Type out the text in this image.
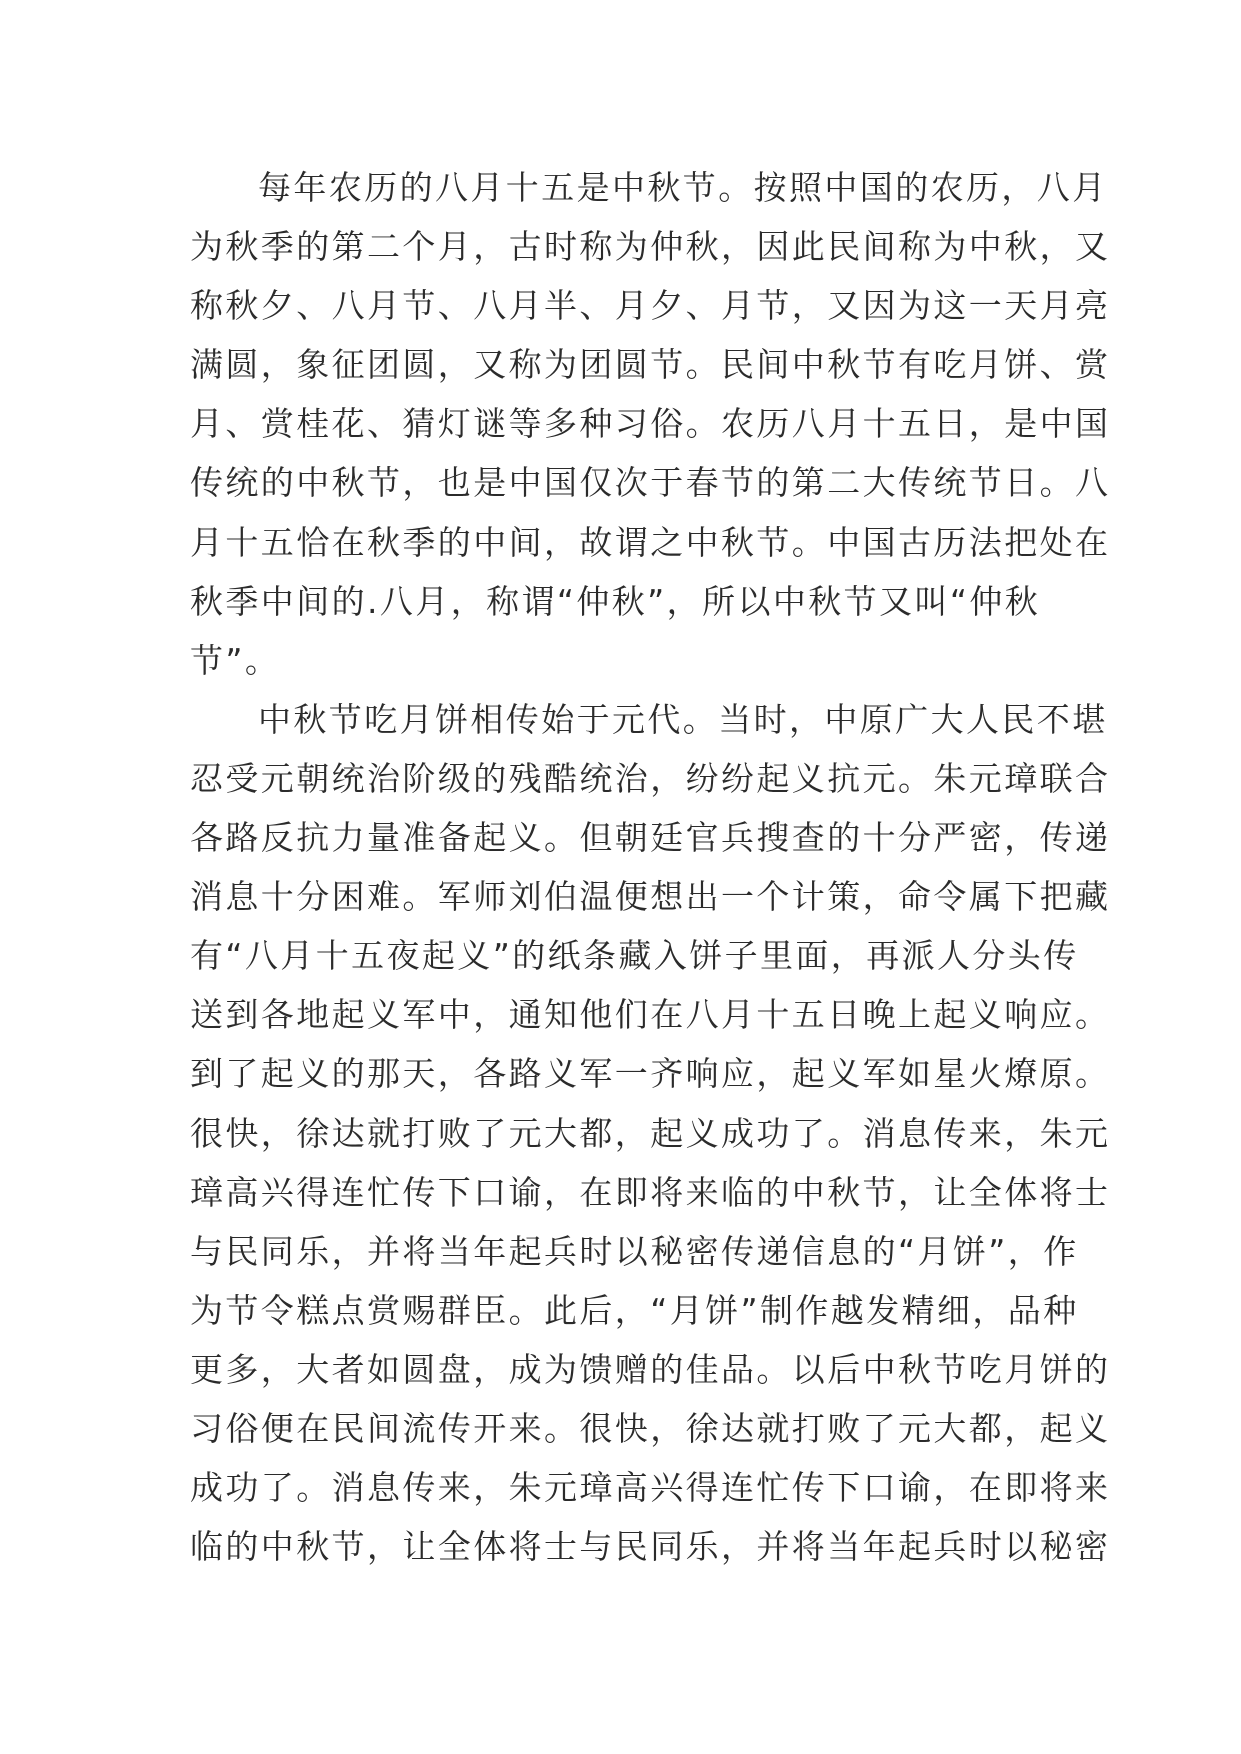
每年农历的八月十五是中秋节。按照中国的农历，八月
为秋季的第二个月，古时称为仲秋，因此民间称为中秋，又
称秋夕、八月节、八月半、月夕、月节，又因为这一天月亮
满圆，象征团圆，又称为团圆节。民间中秋节有吃月饼、赏
月、赏桂花、猜灯谜等多种习俗。农历八月十五日，是中国
传统的中秋节，也是中国仅次于春节的第二大传统节日。八
月十五恰在秋季的中间，故谓之中秋节。中国古历法把处在
秋季中间的.八月，称谓“仲秋”，所以中秋节又叫“仲秋
节”。
中秋节吃月饼相传始于元代。当时，中原广大人民不堪
忍受元朝统治阶级的残酷统治，纷纷起义抗元。朱元璋联合
各路反抗力量准备起义。但朝廷官兵搜查的十分严密，传递
消息十分困难。军师刘伯温便想出一个计策，命令属下把藏
有“八月十五夜起义”的纸条藏入饼子里面，再派人分头传
送到各地起义军中，通知他们在八月十五日晚上起义响应。
到了起义的那天，各路义军一齐响应，起义军如星火燎原。
很快，徐达就打败了元大都，起义成功了。消息传来，朱元
璋高兴得连忙传下口谕，在即将来临的中秋节，让全体将士
与民同乐，并将当年起兵时以秘密传递信息的“月饼”，作
为节令糕点赏赐群臣。此后，“月饼”制作越发精细，品种
更多，大者如圆盘，成为馈赠的佳品。以后中秋节吃月饼的
习俗便在民间流传开来。很快，徐达就打败了元大都，起义
成功了。消息传来，朱元璋高兴得连忙传下口谕，在即将来
临的中秋节，让全体将士与民同乐，并将当年起兵时以秘密
